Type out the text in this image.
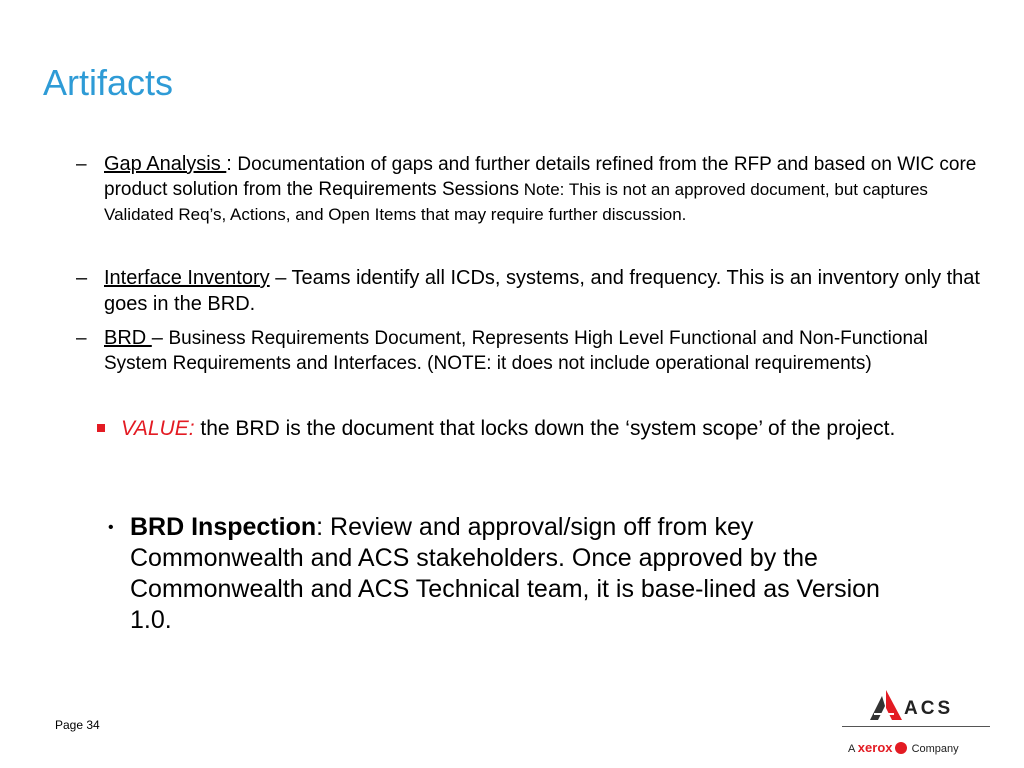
Artifacts
– Gap Analysis : Documentation of gaps and further details refined from the RFP and based on WIC core product solution from the Requirements Sessions Note: This is not an approved document, but captures Validated Req’s, Actions, and Open Items that may require further discussion.
– Interface Inventory – Teams identify all ICDs, systems, and frequency. This is an inventory only that goes in the BRD.
– BRD – Business Requirements Document, Represents High Level Functional and Non-Functional System Requirements and Interfaces. (NOTE: it does not include operational requirements)
VALUE: the BRD is the document that locks down the ‘system scope’ of the project.
• BRD Inspection: Review and approval/sign off from key Commonwealth and ACS stakeholders. Once approved by the Commonwealth and ACS Technical team, it is base-lined as Version 1.0.
Page 34
ACS
A xerox Company
